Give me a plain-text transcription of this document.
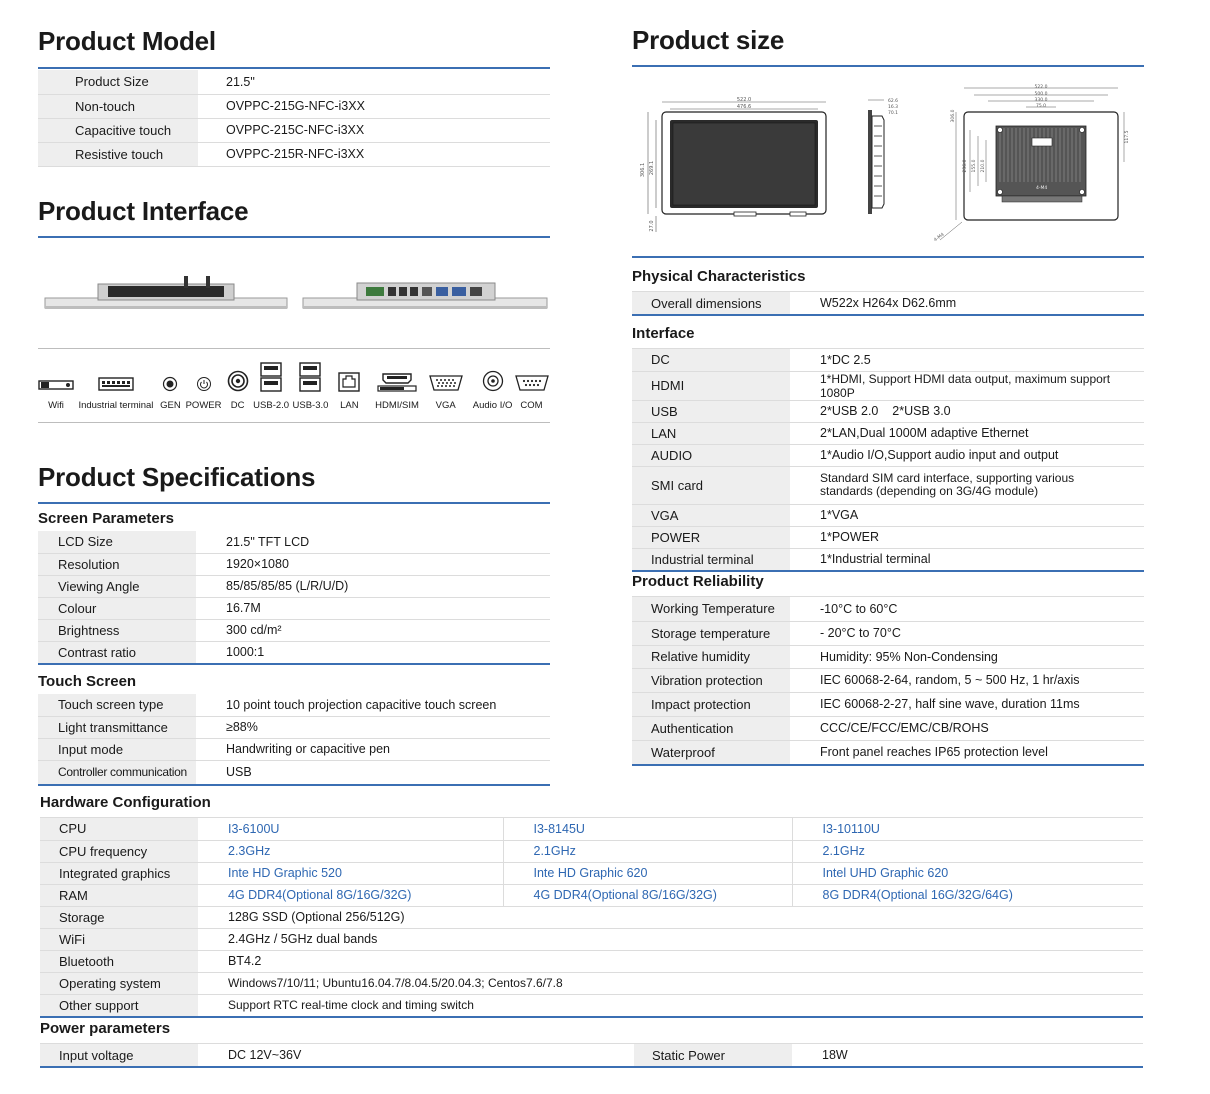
Product Model
Product Size	21.5"
Non-touch	OVPPC-215G-NFC-i3XX
Capacitive touch	OVPPC-215C-NFC-i3XX
Resistive touch	OVPPC-215R-NFC-i3XX
Product Interface
Wifi Industrial terminal GEN POWER DC USB-2.0 USB-3.0 LAN HDMI/SIM VGA Audio I/O COM
Product Specifications
Screen Parameters
LCD Size	21.5" TFT LCD
Resolution	1920×1080
Viewing Angle	85/85/85/85 (L/R/U/D)
Colour	16.7M
Brightness	300 cd/m²
Contrast ratio	1000:1
Touch Screen
Touch screen type	10 point touch projection capacitive touch screen
Light transmittance	≥88%
Input mode	Handwriting or capacitive pen
Controller communication	USB
Product size
522.0
476.6
306.1 269.1
27.0
62.6
16.3
70.1
522.0
500.0
330.0
75.0
4-M4
306.0
236.0 155.0 210.0
117.5
4-M4
Physical Characteristics
Overall dimensions	W522x H264x D62.6mm
Interface
DC	1*DC 2.5
HDMI	1*HDMI, Support HDMI data output, maximum support 1080P
USB	2*USB 2.0    2*USB 3.0
LAN	2*LAN,Dual 1000M adaptive Ethernet
AUDIO	1*Audio I/O,Support audio input and output
SMI card	Standard SIM card interface, supporting various standards (depending on 3G/4G module)
VGA	1*VGA
POWER	1*POWER
Industrial terminal	1*Industrial terminal
Product Reliability
Working Temperature	-10°C to 60°C
Storage temperature	- 20°C to 70°C
Relative humidity	Humidity: 95% Non-Condensing
Vibration protection	IEC 60068-2-64, random, 5 ~ 500 Hz, 1 hr/axis
Impact protection	IEC 60068-2-27, half sine wave, duration 11ms
Authentication	CCC/CE/FCC/EMC/CB/ROHS
Waterproof	Front panel reaches IP65 protection level
Hardware Configuration
CPU	I3-6100U	I3-8145U	I3-10110U
CPU frequency	2.3GHz	2.1GHz	2.1GHz
Integrated graphics	Inte HD Graphic 520	Inte HD Graphic 620	Intel UHD Graphic 620
RAM	4G DDR4(Optional 8G/16G/32G)	4G DDR4(Optional 8G/16G/32G)	8G DDR4(Optional 16G/32G/64G)
Storage	128G SSD (Optional 256/512G)		
WiFi	2.4GHz / 5GHz dual bands		
Bluetooth	BT4.2		
Operating system	Windows7/10/11; Ubuntu16.04.7/8.04.5/20.04.3; Centos7.6/7.8		
Other support	Support RTC real-time clock and timing switch		
Power parameters
Input voltage	DC 12V~36V	Static Power	18W
